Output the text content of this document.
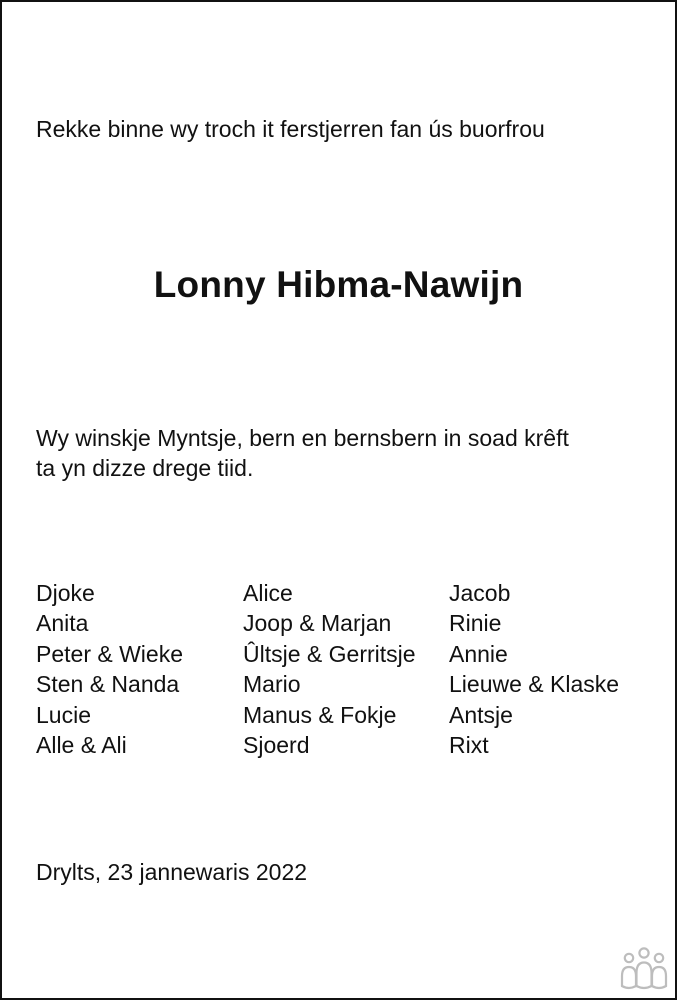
Rekke binne wy troch it ferstjerren fan ús buorfrou

Lonny Hibma-Nawijn

Wy winskje Myntsje, bern en bernsbern in soad krêft
ta yn dizze drege tiid.

Djoke	Alice	Jacob
Anita	Joop & Marjan	Rinie
Peter & Wieke	Ûltsje & Gerritsje	Annie
Sten & Nanda	Mario	Lieuwe & Klaske
Lucie	Manus & Fokje	Antsje
Alle & Ali	Sjoerd	Rixt

Drylts, 23 jannewaris 2022
